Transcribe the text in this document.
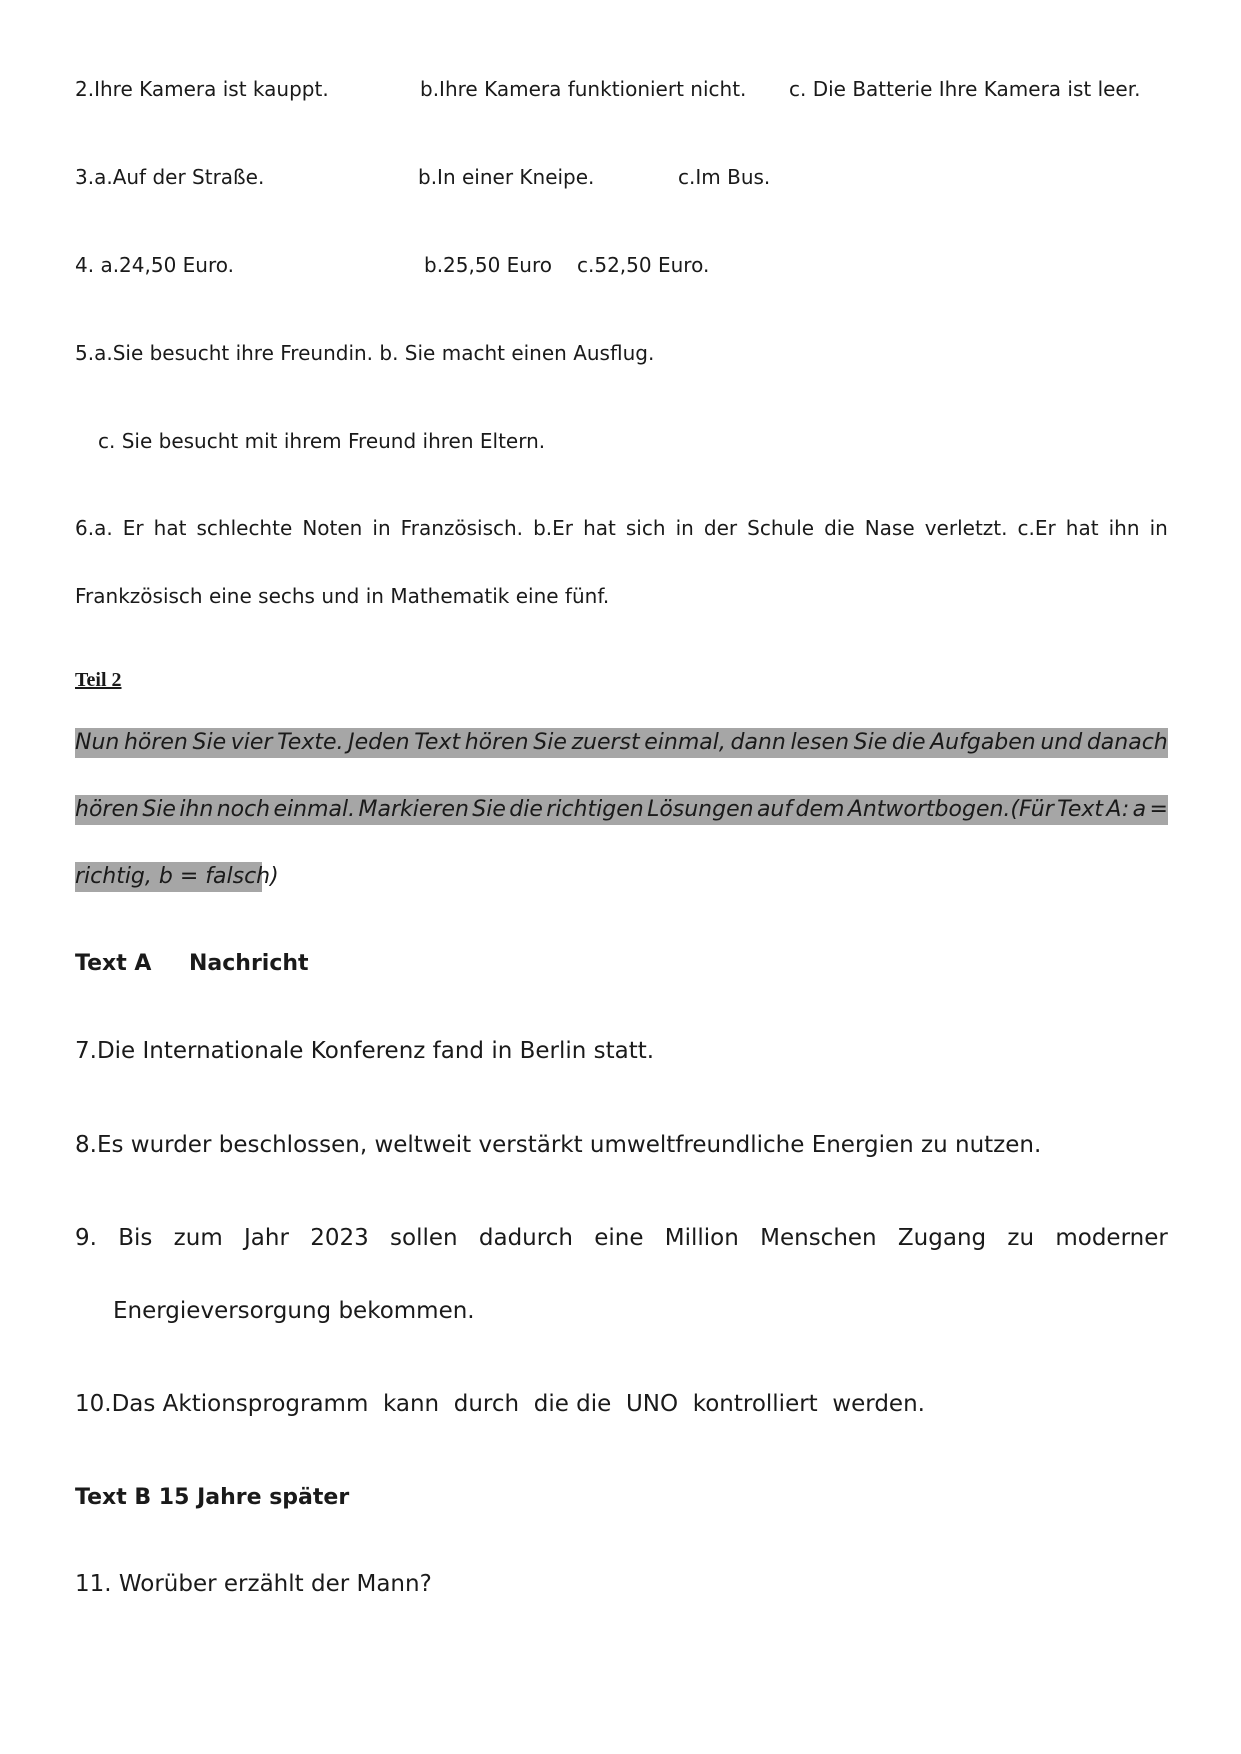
2.Ihre Kamera ist kauppt.	b.Ihre Kamera funktioniert nicht. c. Die Batterie Ihre Kamera ist leer.
3.a.Auf der Straße.	b.In einer Kneipe.	c.Im Bus.
4. a.24,50 Euro.	b.25,50 Euro c.52,50 Euro.
5.a.Sie besucht ihre Freundin. b. Sie macht einen Ausflug.
c. Sie besucht mit ihrem Freund ihren Eltern.
6.a. Er hat schlechte Noten in Französisch. b.Er hat sich in der Schule die Nase verletzt. c.Er hat ihn in
Frankzösisch eine sechs und in Mathematik eine fünf.
Teil 2
Nun hören Sie vier Texte. Jeden Text hören Sie zuerst einmal, dann lesen Sie die Aufgaben und danach
hören Sie ihn noch einmal. Markieren Sie die richtigen Lösungen auf dem Antwortbogen.(Für Text A: a =
richtig, b = falsch)
Text A Nachricht
7.Die Internationale Konferenz fand in Berlin statt.
8.Es wurder beschlossen, weltweit verstärkt umweltfreundliche Energien zu nutzen.
9. Bis zum Jahr 2023 sollen dadurch eine Million Menschen Zugang zu moderner
Energieversorgung bekommen.
10.Das Aktionsprogramm  kann  durch  die die  UNO  kontrolliert  werden.
Text B 15 Jahre später
11. Worüber erzählt der Mann?
